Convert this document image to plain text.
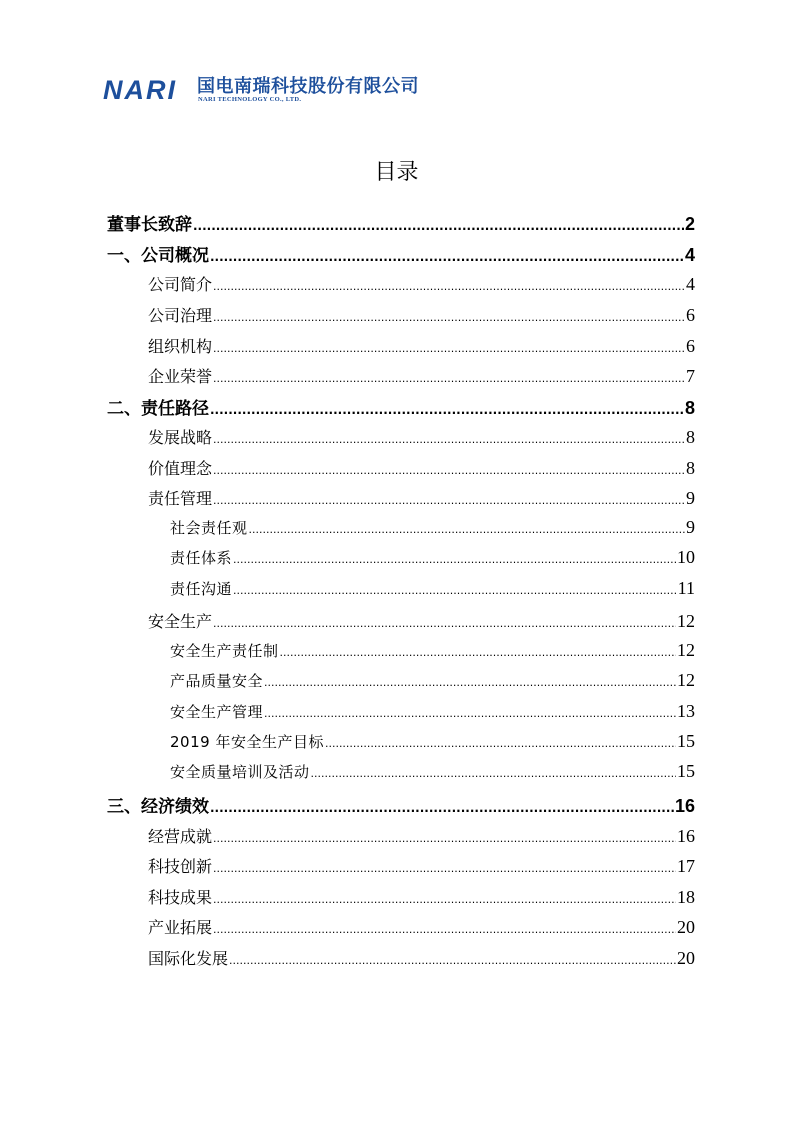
NARI 国电南瑞科技股份有限公司
NARI TECHNOLOGY CO., LTD.
目录
董事长致辞 .....	2
一、公司概况 .....	4
公司简介 .....	4
公司治理 .....	6
组织机构 .....	6
企业荣誉 .....	7
二、责任路径 .....	8
发展战略 .....	8
价值理念 .....	8
责任管理 .....	9
社会责任观 .....	9
责任体系 .....	10
责任沟通 .....	11
安全生产 .....	12
安全生产责任制 .....	12
产品质量安全 .....	12
安全生产管理 .....	13
2019 年安全生产目标 .....	15
安全质量培训及活动 .....	15
三、经济绩效 .....	16
经营成就 .....	16
科技创新 .....	17
科技成果 .....	18
产业拓展 .....	20
国际化发展 .....	20
